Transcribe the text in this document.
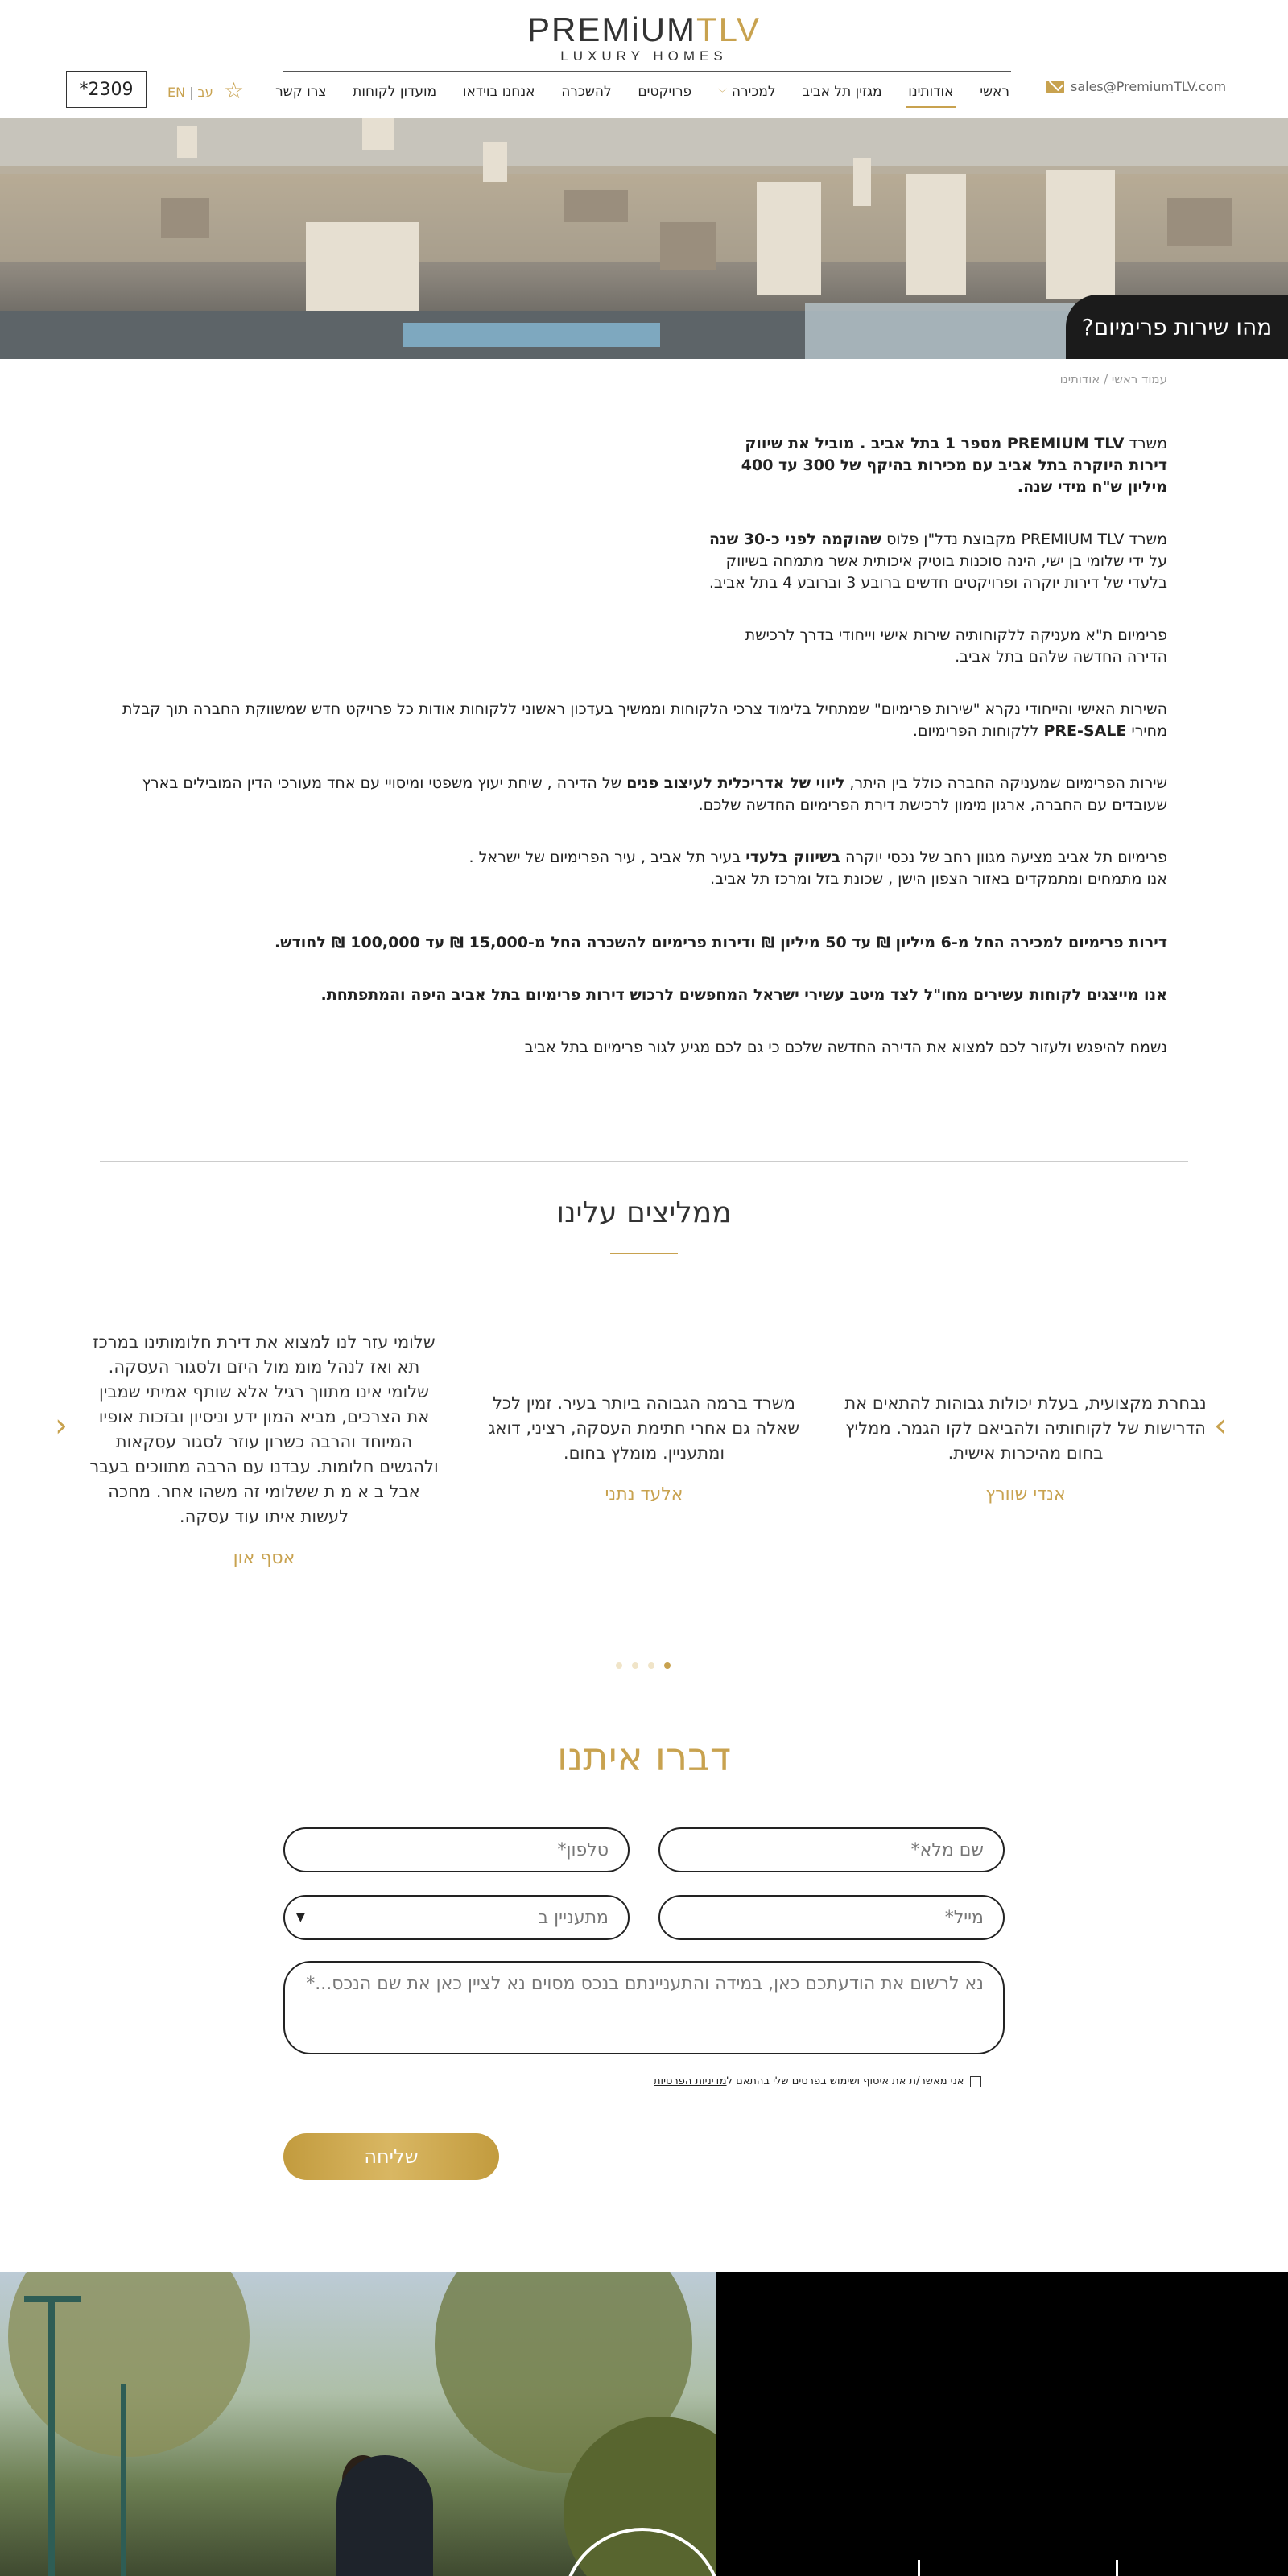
PREMiUMTLV
LUXURY HOMES
ראשי
אודותינו
מגזין תל אביב
למכירה﹀
פרויקטים
להשכרה
אנחנו בוידאו
מועדון לקוחות
צרו קשר	sales@PremiumTLV.com
*2309	EN | עב ☆
מהו שירות פרימיום?
עמוד ראשי / אודותינו

משרד PREMIUM TLV מספר 1 בתל אביב . מוביל את שיווק דירות היוקרה בתל אביב עם מכירות בהיקף של 300 עד 400 מיליון ש"ח מידי שנה.

משרד PREMIUM TLV מקבוצת נדל"ן פלוס שהוקמה לפני כ-30 שנה על ידי שלומי בן ישי, הינה סוכנות בוטיק איכותית אשר מתמחה בשיווק בלעדי של דירות יוקרה ופרויקטים חדשים ברובע 3 וברובע 4 בתל אביב.

פרימיום ת"א מעניקה ללקוחותיה שירות אישי וייחודי בדרך לרכישת הדירה החדשה שלהם בתל אביב.

השירות האישי והייחודי נקרא "שירות פרימיום" שמתחיל בלימוד צרכי הלקוחות וממשיך בעדכון ראשוני ללקוחות אודות כל פרויקט חדש שמשווקת החברה תוך קבלת מחירי PRE-SALE ללקוחות הפרימיום.

שירות הפרימיום שמעניקה החברה כולל בין היתר, ליווי של אדריכלית לעיצוב פנים של הדירה , שיחת יעוץ משפטי ומיסויי עם אחד מעורכי הדין המובילים בארץ שעובדים עם החברה, ארגון מימון לרכישת דירת הפרימיום החדשה שלכם.

פרימיום תל אביב מציעה מגוון רחב של נכסי יוקרה בשיווק בלעדי בעיר תל אביב , עיר הפרימיום של ישראל .
אנו מתמחים ומתמקדים באזור הצפון הישן , שכונת בזל ומרכז תל אביב.

דירות פרימיום למכירה החל מ-6 מיליון ₪ עד 50 מיליון ₪ ודירות פרימיום להשכרה החל מ-15,000 ₪ עד 100,000 ₪ לחודש.

אנו מייצגים לקוחות עשירים מחו"ל לצד מיטב עשירי ישראל המחפשים לרכוש דירות פרימיום בתל אביב היפה והמתפתחת.

נשמח להיפגש ולעזור לכם למצוא את הדירה החדשה שלכם כי גם לכם מגיע לגור פרימיום בתל אביב

ממליצים עלינו
›
‹
נבחרת מקצועית, בעלת יכולות גבוהות להתאים את הדרישות של לקוחותיה ולהביאם לקו הגמר. ממליץ בחום מהיכרות אישית.
אנדי שוורץ
משרד ברמה הגבוהה ביותר בעיר. זמין לכל שאלה גם אחרי חתימת העסקה, רציני, דואג ומתעניין. מומלץ בחום.
אלעד נתני
שלומי עזר לנו למצוא את דירת חלומותינו במרכז תא ואז לנהל מומ מול היזם ולסגור העסקה. שלומי אינו מתווך רגיל אלא שותף אמיתי שמבין את הצרכים, מביא המון ידע וניסיון ובזכות אופיו המיוחד והרבה כשרון עוזר לסגור עסקאות ולהגשים חלומות. עבדנו עם הרבה מתווכים בעבר אבל ב א מ ת ששלומי זה משהו אחר. מחכה לעשות איתו עוד עסקה.
אסף און
דברו איתנו
שם מלא*
טלפון*
מייל*
מתעניין ב
▼
נא לרשום את הודעתכם כאן, במידה והתעניינתם בנכס מסוים נא לציין כאן את שם הנכס...*
אני מאשר/ת את איסוף ושימוש בפרטים שלי בהתאם למדיניות הפרטיות
שליחה
